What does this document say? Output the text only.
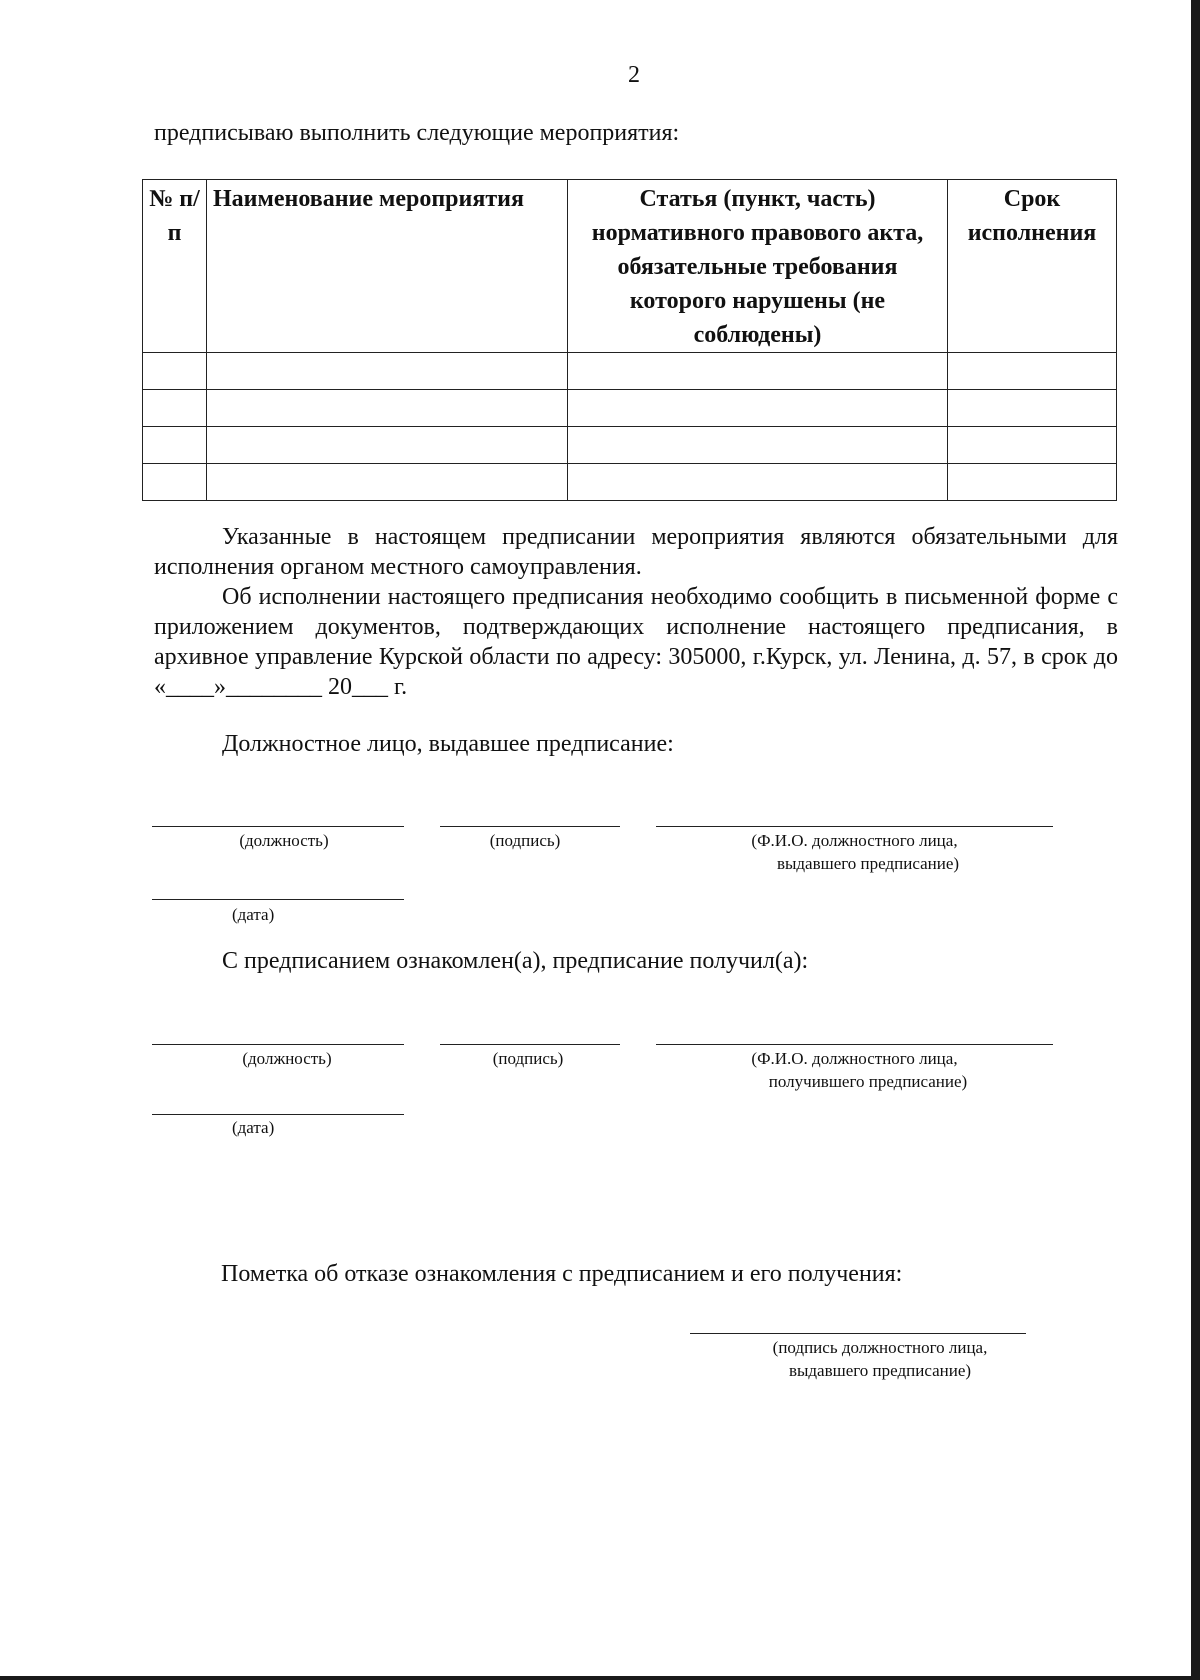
2
предписываю выполнить следующие мероприятия:
№ п/п	Наименование мероприятия	Статья (пункт, часть) нормативного правового акта, обязательные требования которого нарушены (не соблюдены)	Срок исполнения

Указанные в настоящем предписании мероприятия являются обязательными для исполнения органом местного самоуправления.

Об исполнении настоящего предписания необходимо сообщить в письменной форме с приложением документов, подтверждающих исполнение настоящего предписания, в архивное управление Курской области по адресу: 305000, г.Курск, ул. Ленина, д. 57, в срок до «____»________ 20___ г.

Должностное лицо, выдавшее предписание:
(должность)	(подпись)	(Ф.И.О. должностного лица,
выдавшего предписание)
(дата)
С предписанием ознакомлен(а), предписание получил(а):
(должность)	(подпись)	(Ф.И.О. должностного лица,
получившего предписание)
(дата)
Пометка об отказе ознакомления с предписанием и его получения:
(подпись должностного лица,
выдавшего предписание)
